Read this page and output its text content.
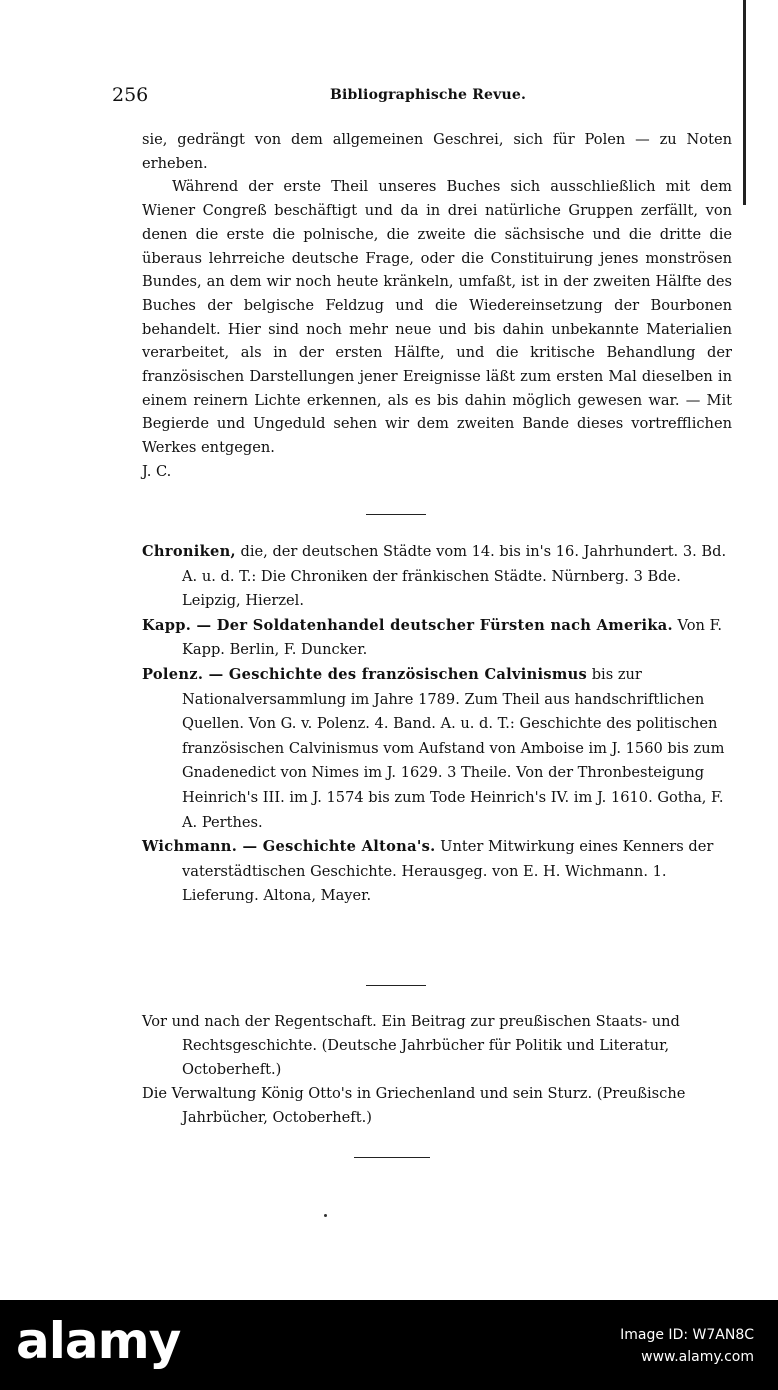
256	Bibliographische Revue.

sie, gedrängt von dem allgemeinen Geschrei, sich für Polen — zu Noten erheben.

Während der erste Theil unseres Buches sich ausschließlich mit dem Wiener Congreß beschäftigt und da in drei natürliche Gruppen zerfällt, von denen die erste die polnische, die zweite die sächsische und die dritte die überaus lehrreiche deutsche Frage, oder die Constituirung jenes monströsen Bundes, an dem wir noch heute kränkeln, umfaßt, ist in der zweiten Hälfte des Buches der belgische Feldzug und die Wiedereinsetzung der Bourbonen behandelt. Hier sind noch mehr neue und bis dahin unbekannte Materialien verarbeitet, als in der ersten Hälfte, und die kritische Behandlung der französischen Darstellungen jener Ereignisse läßt zum ersten Mal dieselben in einem reinern Lichte erkennen, als es bis dahin möglich gewesen war. — Mit Begierde und Ungeduld sehen wir dem zweiten Bande dieses vortrefflichen Werkes entgegen.

J. C.

Chroniken, die, der deutschen Städte vom 14. bis in's 16. Jahrhundert. 3. Bd. A. u. d. T.: Die Chroniken der fränkischen Städte. Nürnberg. 3 Bde. Leipzig, Hierzel.

Kapp. — Der Soldatenhandel deutscher Fürsten nach Amerika. Von F. Kapp. Berlin, F. Duncker.

Polenz. — Geschichte des französischen Calvinismus bis zur Nationalversammlung im Jahre 1789. Zum Theil aus handschriftlichen Quellen. Von G. v. Polenz. 4. Band. A. u. d. T.: Geschichte des politischen französischen Calvinismus vom Aufstand von Amboise im J. 1560 bis zum Gnadenedict von Nimes im J. 1629. 3 Theile. Von der Thronbesteigung Heinrich's III. im J. 1574 bis zum Tode Heinrich's IV. im J. 1610. Gotha, F. A. Perthes.

Wichmann. — Geschichte Altona's. Unter Mitwirkung eines Kenners der vaterstädtischen Geschichte. Herausgeg. von E. H. Wichmann. 1. Lieferung. Altona, Mayer.

Vor und nach der Regentschaft. Ein Beitrag zur preußischen Staats- und Rechtsgeschichte. (Deutsche Jahrbücher für Politik und Literatur, Octoberheft.)

Die Verwaltung König Otto's in Griechenland und sein Sturz. (Preußische Jahrbücher, Octoberheft.)

alamy	Image ID: W7AN8C
www.alamy.com
